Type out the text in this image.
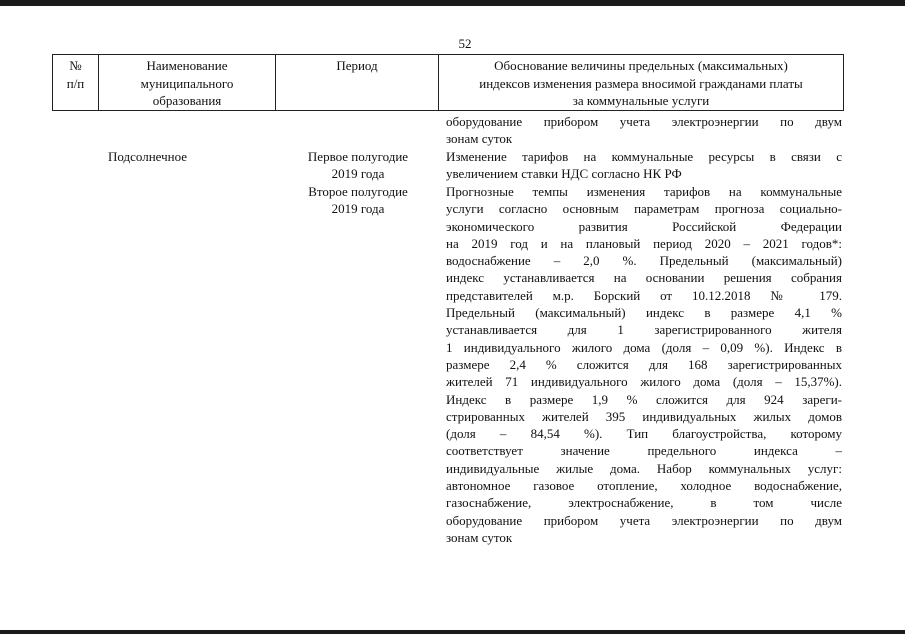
52
№
п/п
Наименование
муниципального
образования
Период	Обоснование величины предельных (максимальных)
индексов изменения размера вносимой гражданами платы
за коммунальные услуги
оборудование прибором учета электроэнергии по двум
зонам суток
Подсолнечное	Первое полугодие
2019 года
Второе полугодие
2019 года
Изменение тарифов на коммунальные ресурсы в связи с
увеличением ставки НДС согласно НК РФ
Прогнозные темпы изменения тарифов на коммунальные
услуги согласно основным параметрам прогноза социально-
экономического развития Российской Федерации
на 2019 год и на плановый период 2020 – 2021 годов*:
водоснабжение – 2,0 %. Предельный (максимальный)
индекс устанавливается на основании решения собрания
представителей м.р. Борский от 10.12.2018 № 179.
Предельный (максимальный) индекс в размере 4,1 %
устанавливается для 1 зарегистрированного жителя
1 индивидуального жилого дома (доля – 0,09 %). Индекс в
размере 2,4 % сложится для 168 зарегистрированных
жителей 71 индивидуального жилого дома (доля – 15,37%).
Индекс в размере 1,9 % сложится для 924 зареги-
стрированных жителей 395 индивидуальных жилых домов
(доля – 84,54 %). Тип благоустройства, которому
соответствует значение предельного индекса –
индивидуальные жилые дома. Набор коммунальных услуг:
автономное газовое отопление, холодное водоснабжение,
газоснабжение, электроснабжение, в том числе
оборудование прибором учета электроэнергии по двум
зонам суток
